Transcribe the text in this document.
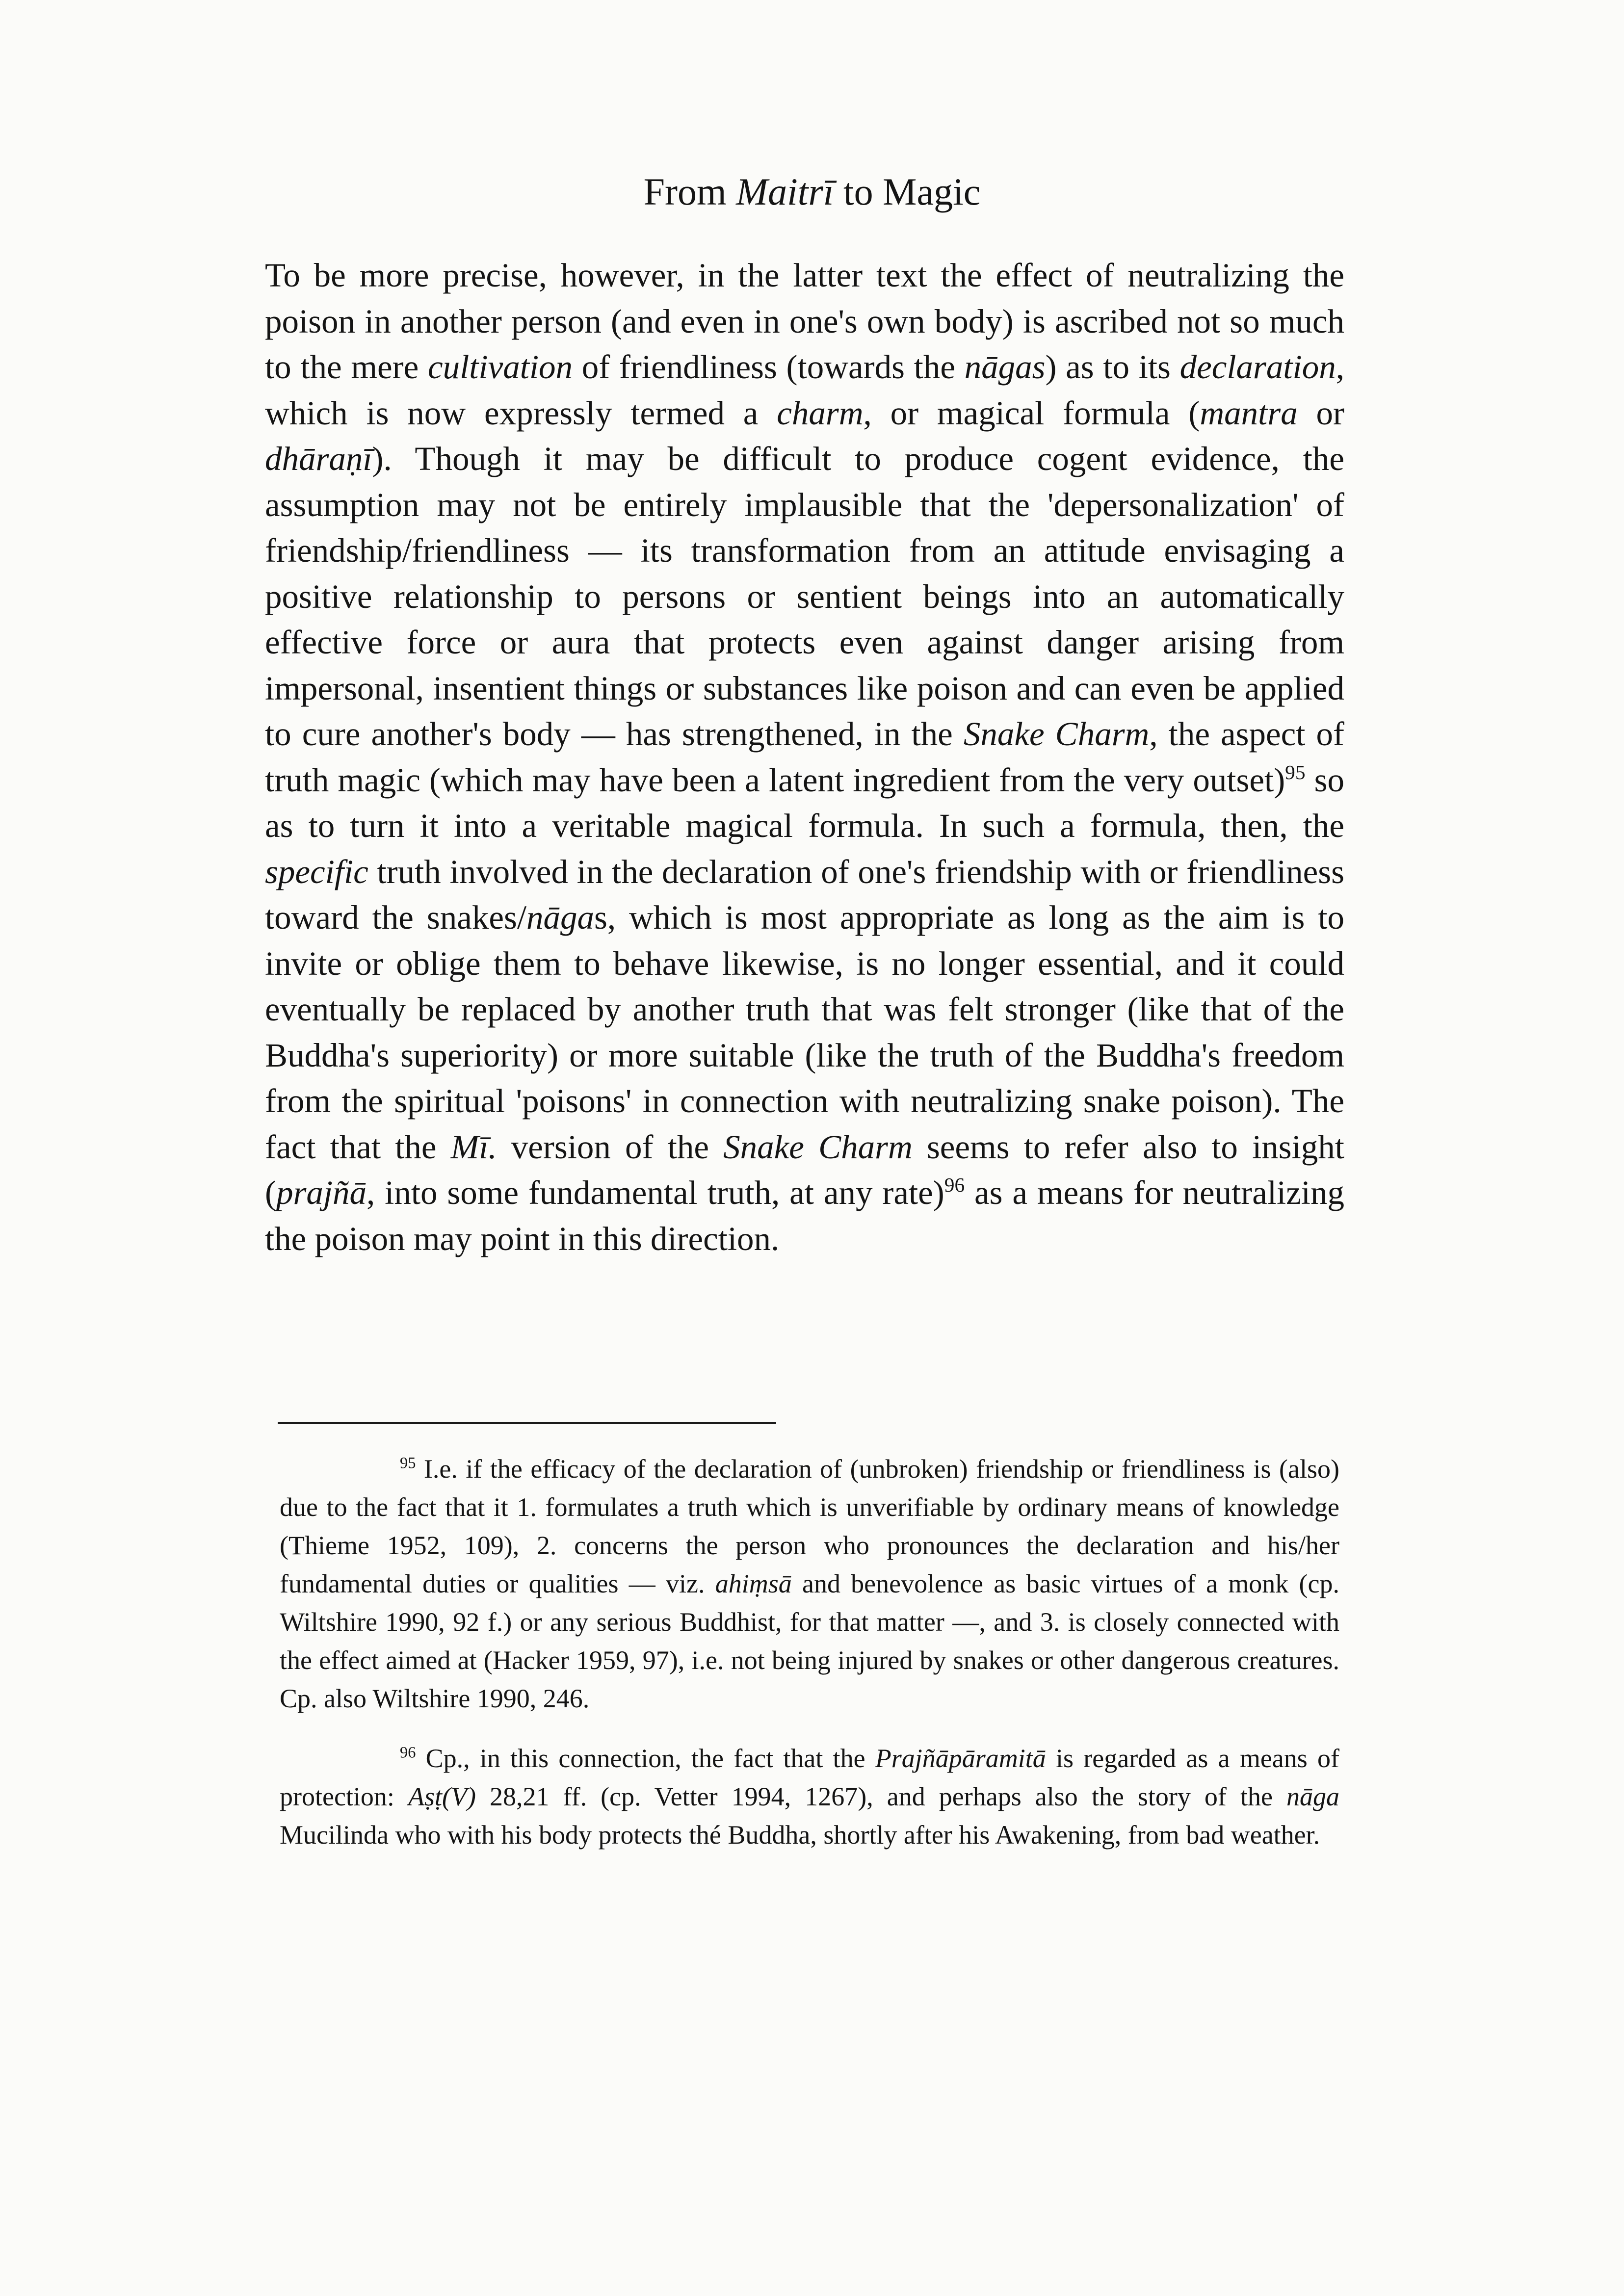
From Maitrī to Magic

To be more precise, however, in the latter text the effect of neutralizing the poison in another person (and even in one's own body) is ascribed not so much to the mere cultivation of friendliness (towards the nāgas) as to its declaration, which is now expressly termed a charm, or magical formula (mantra or dhāraṇī). Though it may be difficult to produce cogent evidence, the assumption may not be entirely implausible that the 'depersonalization' of friendship/friendliness — its transformation from an attitude envisaging a positive relationship to persons or sentient beings into an automatically effective force or aura that protects even against danger arising from impersonal, insentient things or substances like poison and can even be applied to cure another's body — has strengthened, in the Snake Charm, the aspect of truth magic (which may have been a latent ingredient from the very outset)$^{95}$ so as to turn it into a veritable magical formula. In such a formula, then, the specific truth involved in the declaration of one's friendship with or friendliness toward the snakes/nāgas, which is most appropriate as long as the aim is to invite or oblige them to behave likewise, is no longer essential, and it could eventually be replaced by another truth that was felt stronger (like that of the Buddha's superiority) or more suitable (like the truth of the Buddha's freedom from the spiritual 'poisons' in connection with neutralizing snake poison). The fact that the Mī. version of the Snake Charm seems to refer also to insight (prajñā, into some fundamental truth, at any rate)$^{96}$ as a means for neutralizing the poison may point in this direction.

$^{95}$ I.e. if the efficacy of the declaration of (unbroken) friendship or friendliness is (also) due to the fact that it 1. formulates a truth which is unverifiable by ordinary means of knowledge (Thieme 1952, 109), 2. concerns the person who pronounces the declaration and his/her fundamental duties or qualities — viz. ahiṃsā and benevolence as basic virtues of a monk (cp. Wiltshire 1990, 92 f.) or any serious Buddhist, for that matter —, and 3. is closely connected with the effect aimed at (Hacker 1959, 97), i.e. not being injured by snakes or other dangerous creatures. Cp. also Wiltshire 1990, 246.

$^{96}$ Cp., in this connection, the fact that the Prajñāpāramitā is regarded as a means of protection: Aṣṭ(V) 28,21 ff. (cp. Vetter 1994, 1267), and perhaps also the story of the nāga Mucilinda who with his body protects thé Buddha, shortly after his Awakening, from bad weather.
